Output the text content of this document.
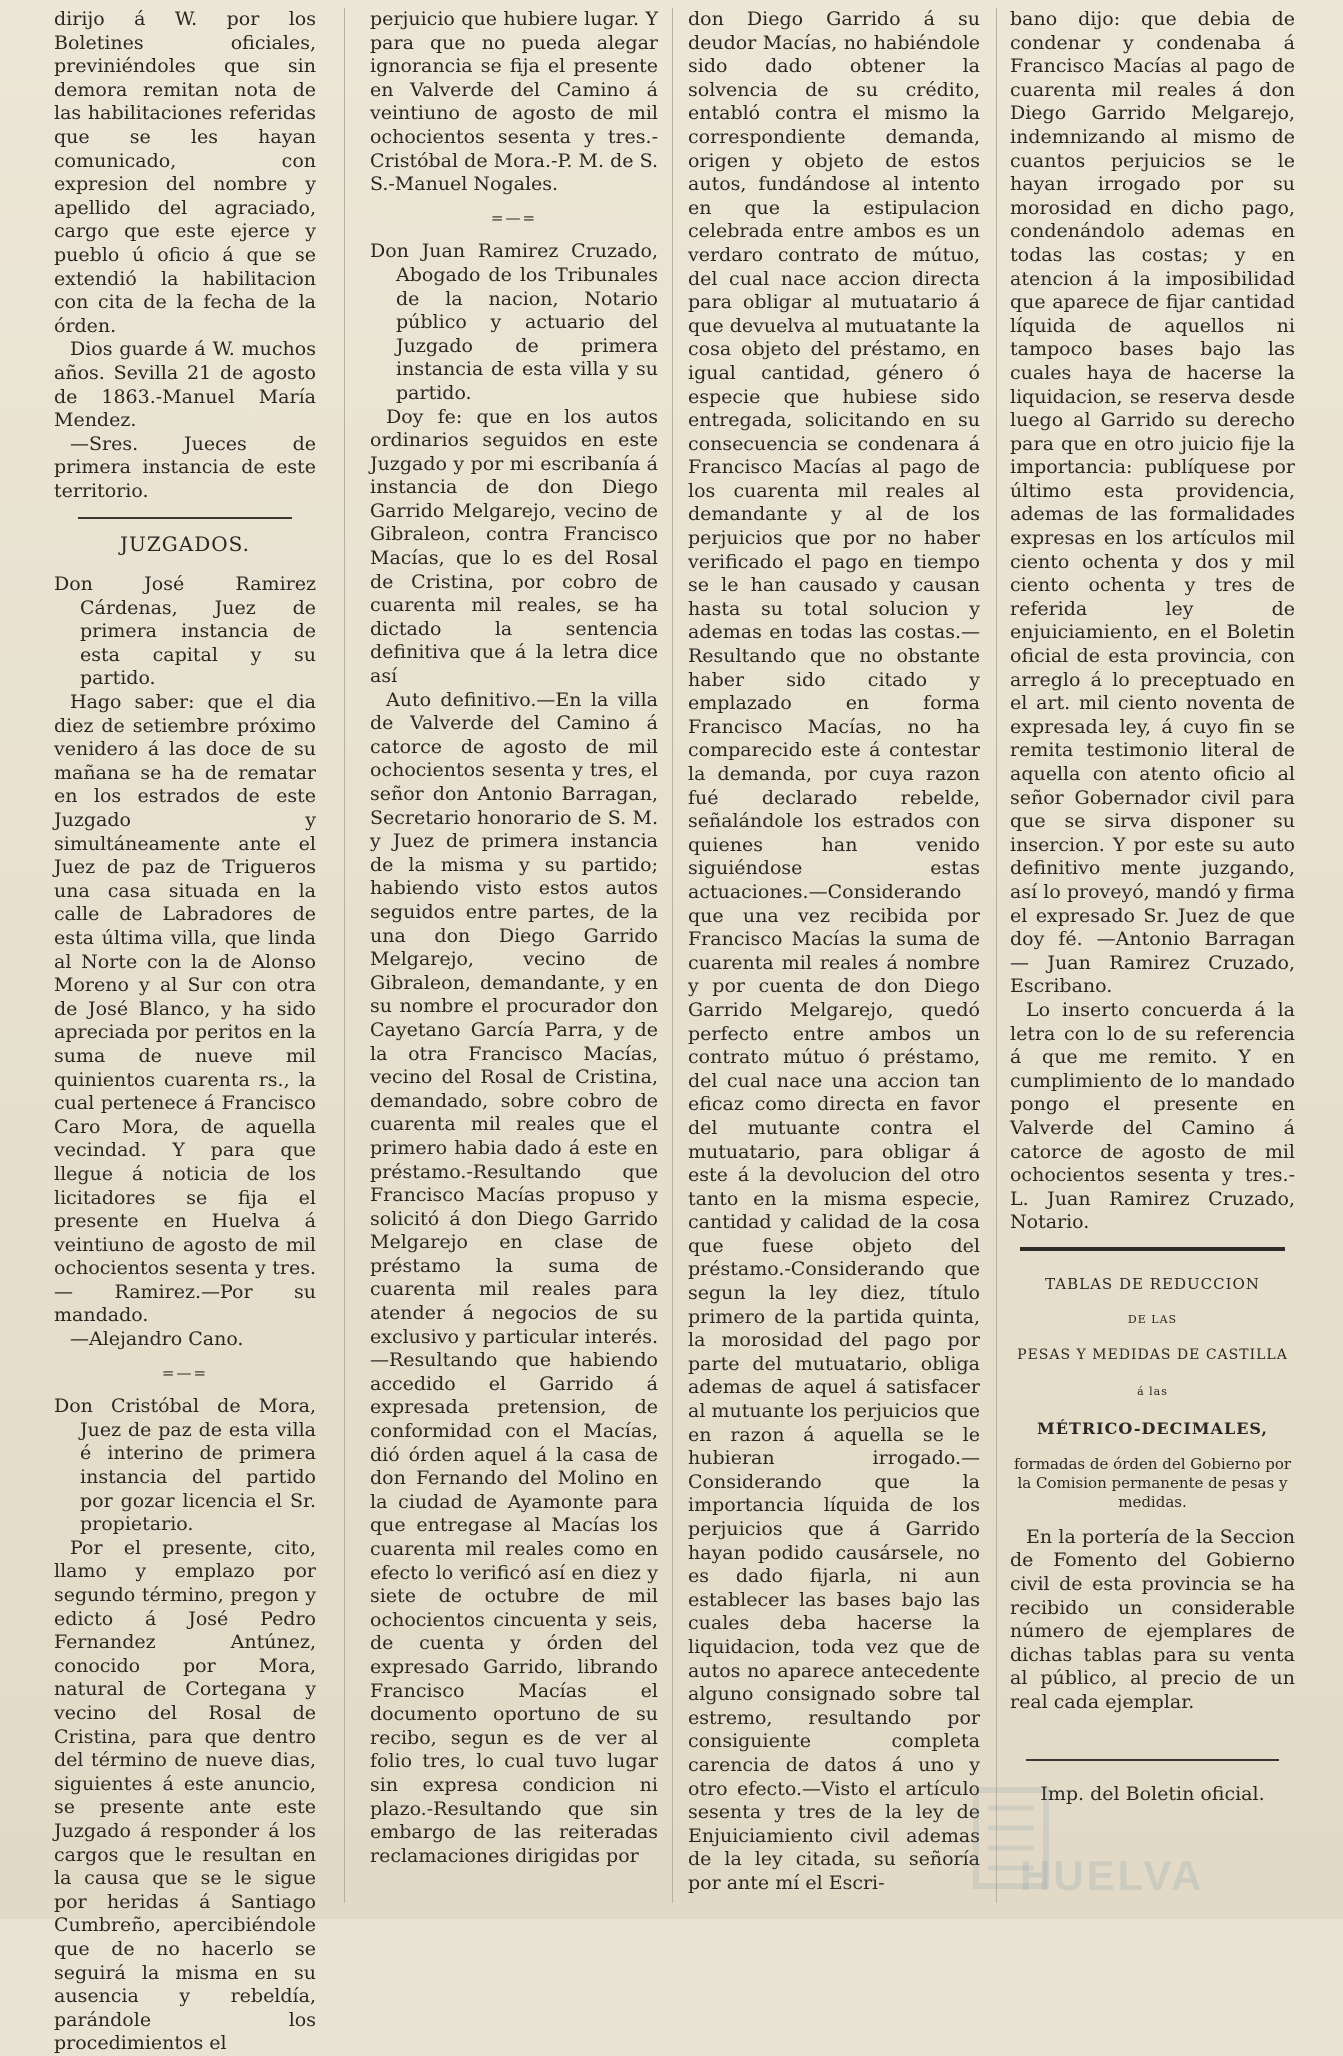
dirijo á W. por los Boletines oficiales, previniéndoles que sin demora remitan nota de las habilitaciones referidas que se les hayan comunicado, con expresion del nombre y apellido del agraciado, cargo que este ejerce y pueblo ú oficio á que se extendió la habilitacion con cita de la fecha de la órden.

Dios guarde á W. muchos años. Sevilla 21 de agosto de 1863.-Manuel María Mendez.

—Sres. Jueces de primera instancia de este territorio.

JUZGADOS.

Don José Ramirez Cárdenas, Juez de primera instancia de esta capital y su partido.

Hago saber: que el dia diez de setiembre próximo venidero á las doce de su mañana se ha de rematar en los estrados de este Juzgado y simultáneamente ante el Juez de paz de Trigueros una casa situada en la calle de Labradores de esta última villa, que linda al Norte con la de Alonso Moreno y al Sur con otra de José Blanco, y ha sido apreciada por peritos en la suma de nueve mil quinientos cuarenta rs., la cual pertenece á Francisco Caro Mora, de aquella vecindad. Y para que llegue á noticia de los licitadores se fija el presente en Huelva á veintiuno de agosto de mil ochocientos sesenta y tres.— Ramirez.—Por su mandado.

—Alejandro Cano.

=—=

Don Cristóbal de Mora, Juez de paz de esta villa é interino de primera instancia del partido por gozar licencia el Sr. propietario.

Por el presente, cito, llamo y emplazo por segundo término, pregon y edicto á José Pedro Fernandez Antúnez, conocido por Mora, natural de Cortegana y vecino del Rosal de Cristina, para que dentro del término de nueve dias, siguientes á este anuncio, se presente ante este Juzgado á responder á los cargos que le resultan en la causa que se le sigue por heridas á Santiago Cumbreño, apercibiéndole que de no hacerlo se seguirá la misma en su ausencia y rebeldía, parándole los procedimientos el

perjuicio que hubiere lugar. Y para que no pueda alegar ignorancia se fija el presente en Valverde del Camino á veintiuno de agosto de mil ochocientos sesenta y tres.- Cristóbal de Mora.-P. M. de S. S.-Manuel Nogales.

=—=

Don Juan Ramirez Cruzado, Abogado de los Tribunales de la nacion, Notario público y actuario del Juzgado de primera instancia de esta villa y su partido.

Doy fe: que en los autos ordinarios seguidos en este Juzgado y por mi escribanía á instancia de don Diego Garrido Melgarejo, vecino de Gibraleon, contra Francisco Macías, que lo es del Rosal de Cristina, por cobro de cuarenta mil reales, se ha dictado la sentencia definitiva que á la letra dice así

Auto definitivo.—En la villa de Valverde del Camino á catorce de agosto de mil ochocientos sesenta y tres, el señor don Antonio Barragan, Secretario honorario de S. M. y Juez de primera instancia de la misma y su partido; habiendo visto estos autos seguidos entre partes, de la una don Diego Garrido Melgarejo, vecino de Gibraleon, demandante, y en su nombre el procurador don Cayetano García Parra, y de la otra Francisco Macías, vecino del Rosal de Cristina, demandado, sobre cobro de cuarenta mil reales que el primero habia dado á este en préstamo.-Resultando que Francisco Macías propuso y solicitó á don Diego Garrido Melgarejo en clase de préstamo la suma de cuarenta mil reales para atender á negocios de su exclusivo y particular interés.—Resultando que habiendo accedido el Garrido á expresada pretension, de conformidad con el Macías, dió órden aquel á la casa de don Fernando del Molino en la ciudad de Ayamonte para que entregase al Macías los cuarenta mil reales como en efecto lo verificó así en diez y siete de octubre de mil ochocientos cincuenta y seis, de cuenta y órden del expresado Garrido, librando Francisco Macías el documento oportuno de su recibo, segun es de ver al folio tres, lo cual tuvo lugar sin expresa condicion ni plazo.-Resultando que sin embargo de las reiteradas reclamaciones dirigidas por

don Diego Garrido á su deudor Macías, no habiéndole sido dado obtener la solvencia de su crédito, entabló contra el mismo la correspondiente demanda, origen y objeto de estos autos, fundándose al intento en que la estipulacion celebrada entre ambos es un verdaro contrato de mútuo, del cual nace accion directa para obligar al mutuatario á que devuelva al mutuatante la cosa objeto del préstamo, en igual cantidad, género ó especie que hubiese sido entregada, solicitando en su consecuencia se condenara á Francisco Macías al pago de los cuarenta mil reales al demandante y al de los perjuicios que por no haber verificado el pago en tiempo se le han causado y causan hasta su total solucion y ademas en todas las costas.—Resultando que no obstante haber sido citado y emplazado en forma Francisco Macías, no ha comparecido este á contestar la demanda, por cuya razon fué declarado rebelde, señalándole los estrados con quienes han venido siguiéndose estas actuaciones.—Considerando que una vez recibida por Francisco Macías la suma de cuarenta mil reales á nombre y por cuenta de don Diego Garrido Melgarejo, quedó perfecto entre ambos un contrato mútuo ó préstamo, del cual nace una accion tan eficaz como directa en favor del mutuante contra el mutuatario, para obligar á este á la devolucion del otro tanto en la misma especie, cantidad y calidad de la cosa que fuese objeto del préstamo.-Considerando que segun la ley diez, título primero de la partida quinta, la morosidad del pago por parte del mutuatario, obliga ademas de aquel á satisfacer al mutuante los perjuicios que en razon á aquella se le hubieran irrogado.—Considerando que la importancia líquida de los perjuicios que á Garrido hayan podido causársele, no es dado fijarla, ni aun establecer las bases bajo las cuales deba hacerse la liquidacion, toda vez que de autos no aparece antecedente alguno consignado sobre tal estremo, resultando por consiguiente completa carencia de datos á uno y otro efecto.—Visto el artículo sesenta y tres de la ley de Enjuiciamiento civil ademas de la ley citada, su señoría por ante mí el Escri-

bano dijo: que debia de condenar y condenaba á Francisco Macías al pago de cuarenta mil reales á don Diego Garrido Melgarejo, indemnizando al mismo de cuantos perjuicios se le hayan irrogado por su morosidad en dicho pago, condenándolo ademas en todas las costas; y en atencion á la imposibilidad que aparece de fijar cantidad líquida de aquellos ni tampoco bases bajo las cuales haya de hacerse la liquidacion, se reserva desde luego al Garrido su derecho para que en otro juicio fije la importancia: publíquese por último esta providencia, ademas de las formalidades expresas en los artículos mil ciento ochenta y dos y mil ciento ochenta y tres de referida ley de enjuiciamiento, en el Boletin oficial de esta provincia, con arreglo á lo preceptuado en el art. mil ciento noventa de expresada ley, á cuyo fin se remita testimonio literal de aquella con atento oficio al señor Gobernador civil para que se sirva disponer su insercion. Y por este su auto definitivo mente juzgando, así lo proveyó, mandó y firma el expresado Sr. Juez de que doy fé. —Antonio Barragan — Juan Ramirez Cruzado, Escribano.

Lo inserto concuerda á la letra con lo de su referencia á que me remito. Y en cumplimiento de lo mandado pongo el presente en Valverde del Camino á catorce de agosto de mil ochocientos sesenta y tres.-L. Juan Ramirez Cruzado, Notario.

TABLAS DE REDUCCION
DE LAS
PESAS Y MEDIDAS DE CASTILLA
á las
MÉTRICO-DECIMALES,
formadas de órden del Gobierno por la Comision permanente de pesas y medidas.

En la portería de la Seccion de Fomento del Gobierno civil de esta provincia se ha recibido un considerable número de ejemplares de dichas tablas para su venta al público, al precio de un real cada ejemplar.

Imp. del Boletin oficial.
HUELVA
